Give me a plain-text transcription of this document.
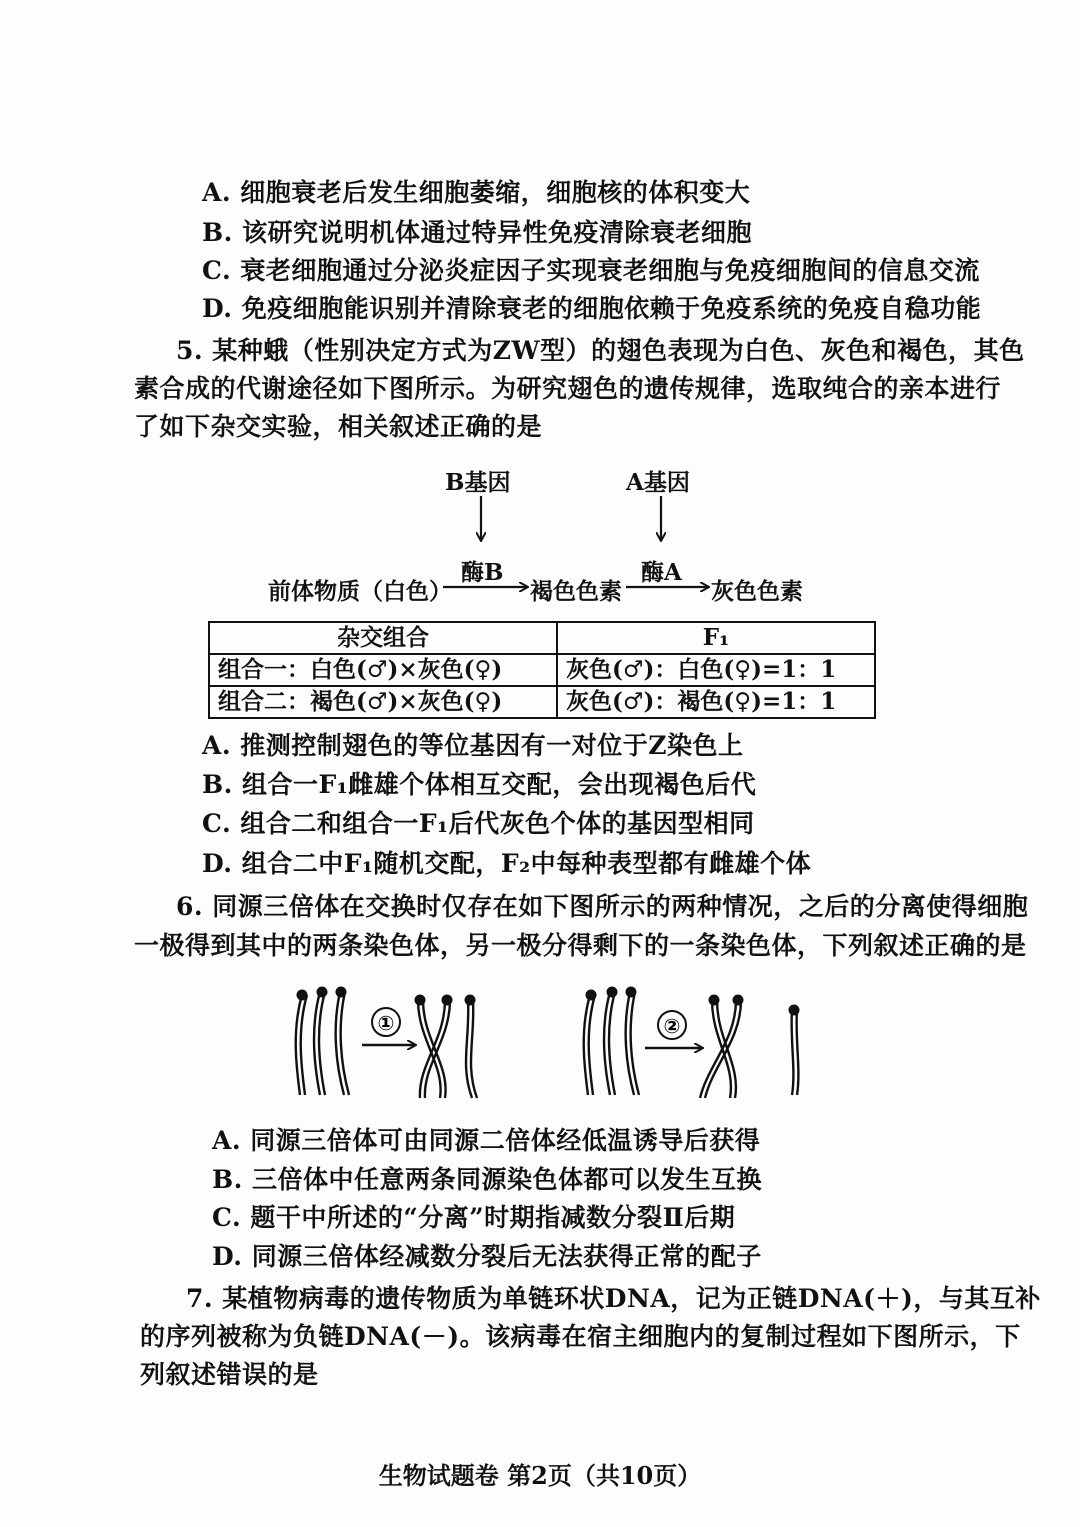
A. 细胞衰老后发生细胞萎缩，细胞核的体积变大
B. 该研究说明机体通过特异性免疫清除衰老细胞
C. 衰老细胞通过分泌炎症因子实现衰老细胞与免疫细胞间的信息交流
D. 免疫细胞能识别并清除衰老的细胞依赖于免疫系统的免疫自稳功能
5. 某种蛾（性别决定方式为ZW型）的翅色表现为白色、灰色和褐色，其色
素合成的代谢途径如下图所示。为研究翅色的遗传规律，选取纯合的亲本进行
了如下杂交实验，相关叙述正确的是
B基因	A基因
酶B	酶A
前体物质（白色）	褐色色素	灰色色素
①	②
杂交组合	F₁
组合一：白色(♂)×灰色(♀)	灰色(♂)：白色(♀)=1：1
组合二：褐色(♂)×灰色(♀)	灰色(♂)：褐色(♀)=1：1
A. 推测控制翅色的等位基因有一对位于Z染色上
B. 组合一F₁雌雄个体相互交配，会出现褐色后代
C. 组合二和组合一F₁后代灰色个体的基因型相同
D. 组合二中F₁随机交配，F₂中每种表型都有雌雄个体
6. 同源三倍体在交换时仅存在如下图所示的两种情况，之后的分离使得细胞
一极得到其中的两条染色体，另一极分得剩下的一条染色体，下列叙述正确的是
A. 同源三倍体可由同源二倍体经低温诱导后获得
B. 三倍体中任意两条同源染色体都可以发生互换
C. 题干中所述的“分离”时期指减数分裂Ⅱ后期
D. 同源三倍体经减数分裂后无法获得正常的配子
7. 某植物病毒的遗传物质为单链环状DNA，记为正链DNA(＋)，与其互补
的序列被称为负链DNA(－)。该病毒在宿主细胞内的复制过程如下图所示，下
列叙述错误的是
生物试题卷 第2页（共10页）
